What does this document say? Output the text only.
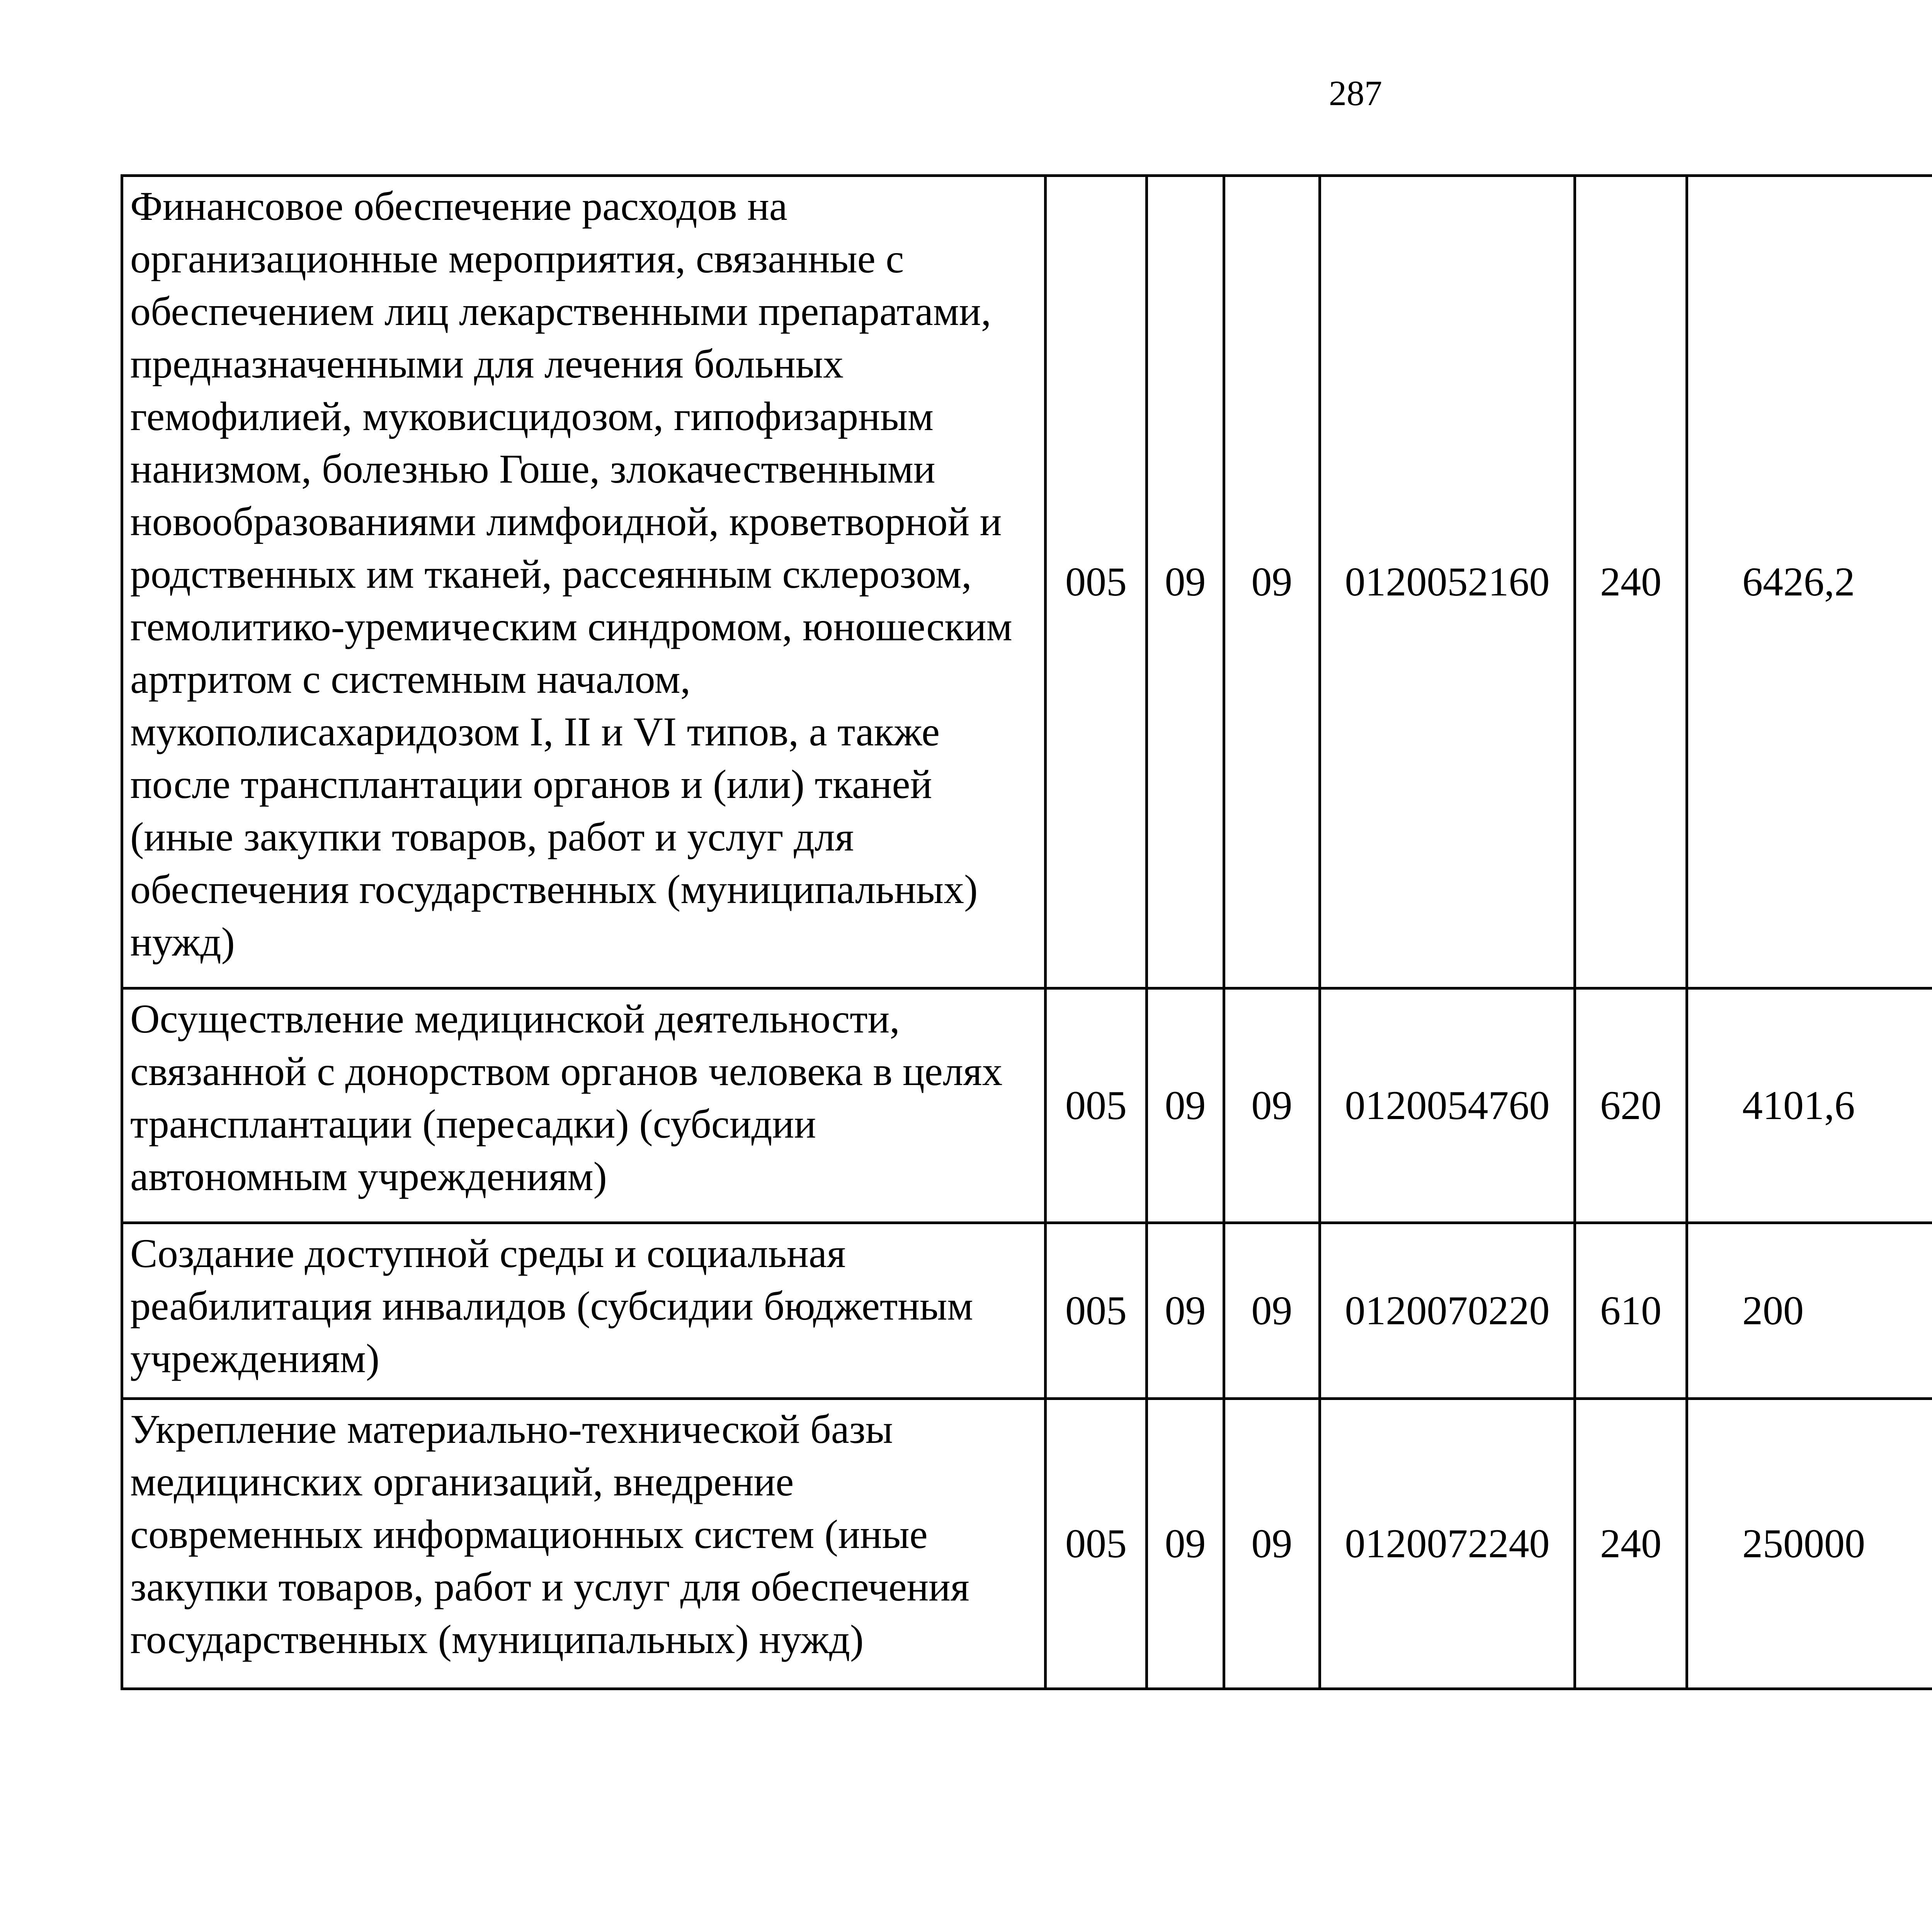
287
Финансовое обеспечение расходов на организационные мероприятия, связанные с обеспечением лиц лекарственными препаратами, предназначенными для лечения больных гемофилией, муковисцидозом, гипофизарным нанизмом, болезнью Гоше, злокачественными новообразованиями лимфоидной, кроветворной и родственных им тканей, рассеянным склерозом, гемолитико-уремическим синдромом, юношеским артритом с системным началом, мукополисахаридозом I, II и VI типов, а также после трансплантации органов и (или) тканей (иные закупки товаров, работ и услуг для обеспечения государственных (муниципальных) нужд)	005	09	09	0120052160	240	6426,2		
Осуществление медицинской деятельности, связанной с донорством органов человека в целях трансплантации (пересадки) (субсидии автономным учреждениям)	005	09	09	0120054760	620	4101,6		
Создание доступной среды и социальная реабилитация инвалидов (субсидии бюджетным учреждениям)	005	09	09	0120070220	610	200		
Укрепление материально-технической базы медицинских организаций, внедрение современных информационных систем (иные закупки товаров, работ и услуг для обеспечения государственных (муниципальных) нужд)	005	09	09	0120072240	240	250000		
